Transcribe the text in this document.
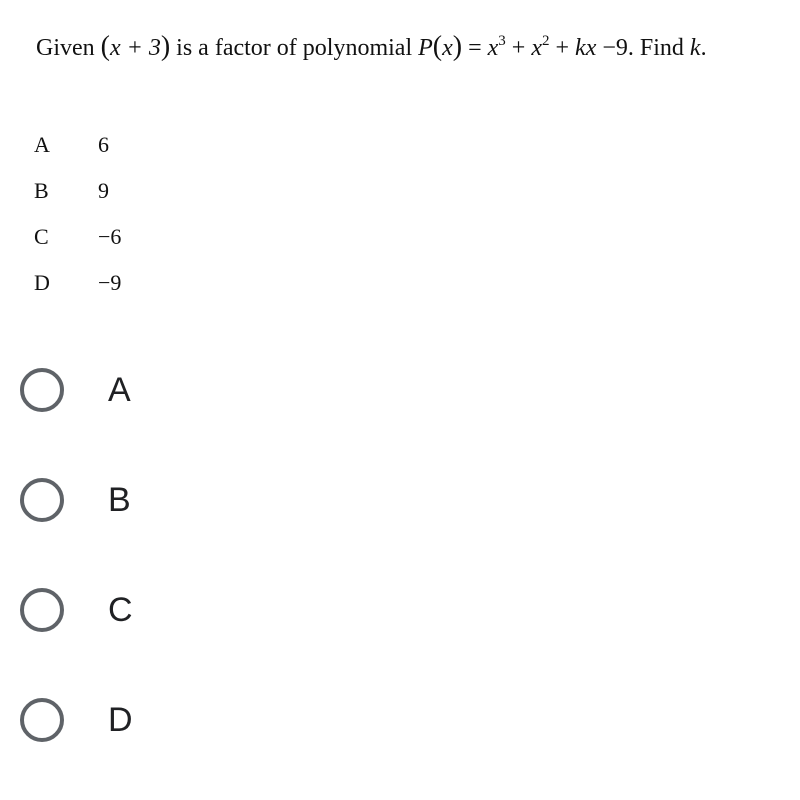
Given (x + 3) is a factor of polynomial $P(x) = x^3 + x^2$ + kx −9. Find k.
A	6
B	9
C	−6
D	−9
A
B
C
D
